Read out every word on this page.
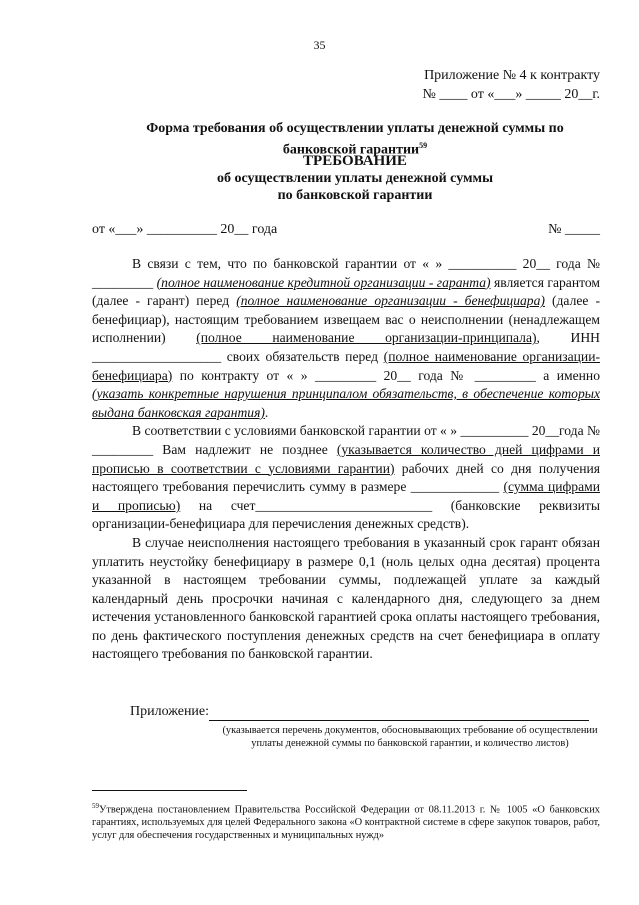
35
Приложение № 4 к контракту
№ ____ от «___» _____ 20__г.
Форма требования об осуществлении уплаты денежной суммы по
банковской гарантии$^{59}$
ТРЕБОВАНИЕ
об осуществлении уплаты денежной суммы
по банковской гарантии
от «___» __________ 20__ года	№ _____

В связи с тем, что по банковской гарантии от « » __________ 20__ года № _________ (полное наименование кредитной организации - гаранта) является гарантом (далее - гарант) перед (полное наименование организации - бенефициара) (далее - бенефициар), настоящим требованием извещаем вас о неисполнении (ненадлежащем исполнении) (полное наименование организации-принципала), ИНН ___________________ своих обязательств перед (полное наименование организации-бенефициара) по контракту от « » _________ 20__ года № _________ а именно (указать конкретные нарушения принципалом обязательств, в обеспечение которых выдана банковская гарантия).

В соответствии с условиями банковской гарантии от « » __________ 20__года № _________ Вам надлежит не позднее (указывается количество дней цифрами и прописью в соответствии с условиями гарантии) рабочих дней со дня получения настоящего требования перечислить сумму в размере _____________ (сумма цифрами и прописью) на счет__________________________ (банковские реквизиты организации-бенефициара для перечисления денежных средств).

В случае неисполнения настоящего требования в указанный срок гарант обязан уплатить неустойку бенефициару в размере 0,1 (ноль целых одна десятая) процента указанной в настоящем требовании суммы, подлежащей уплате за каждый календарный день просрочки начиная с календарного дня, следующего за днем истечения установленного банковской гарантией срока оплаты настоящего требования, по день фактического поступления денежных средств на счет бенефициара в оплату настоящего требования по банковской гарантии.

Приложение:
(указывается перечень документов, обосновывающих требование об осуществлении уплаты денежной суммы по банковской гарантии, и количество листов)
$^{59}$Утверждена постановлением Правительства Российской Федерации от 08.11.2013 г. № 1005 «О банковских гарантиях, используемых для целей Федерального закона «О контрактной системе в сфере закупок товаров, работ, услуг для обеспечения государственных и муниципальных нужд»
